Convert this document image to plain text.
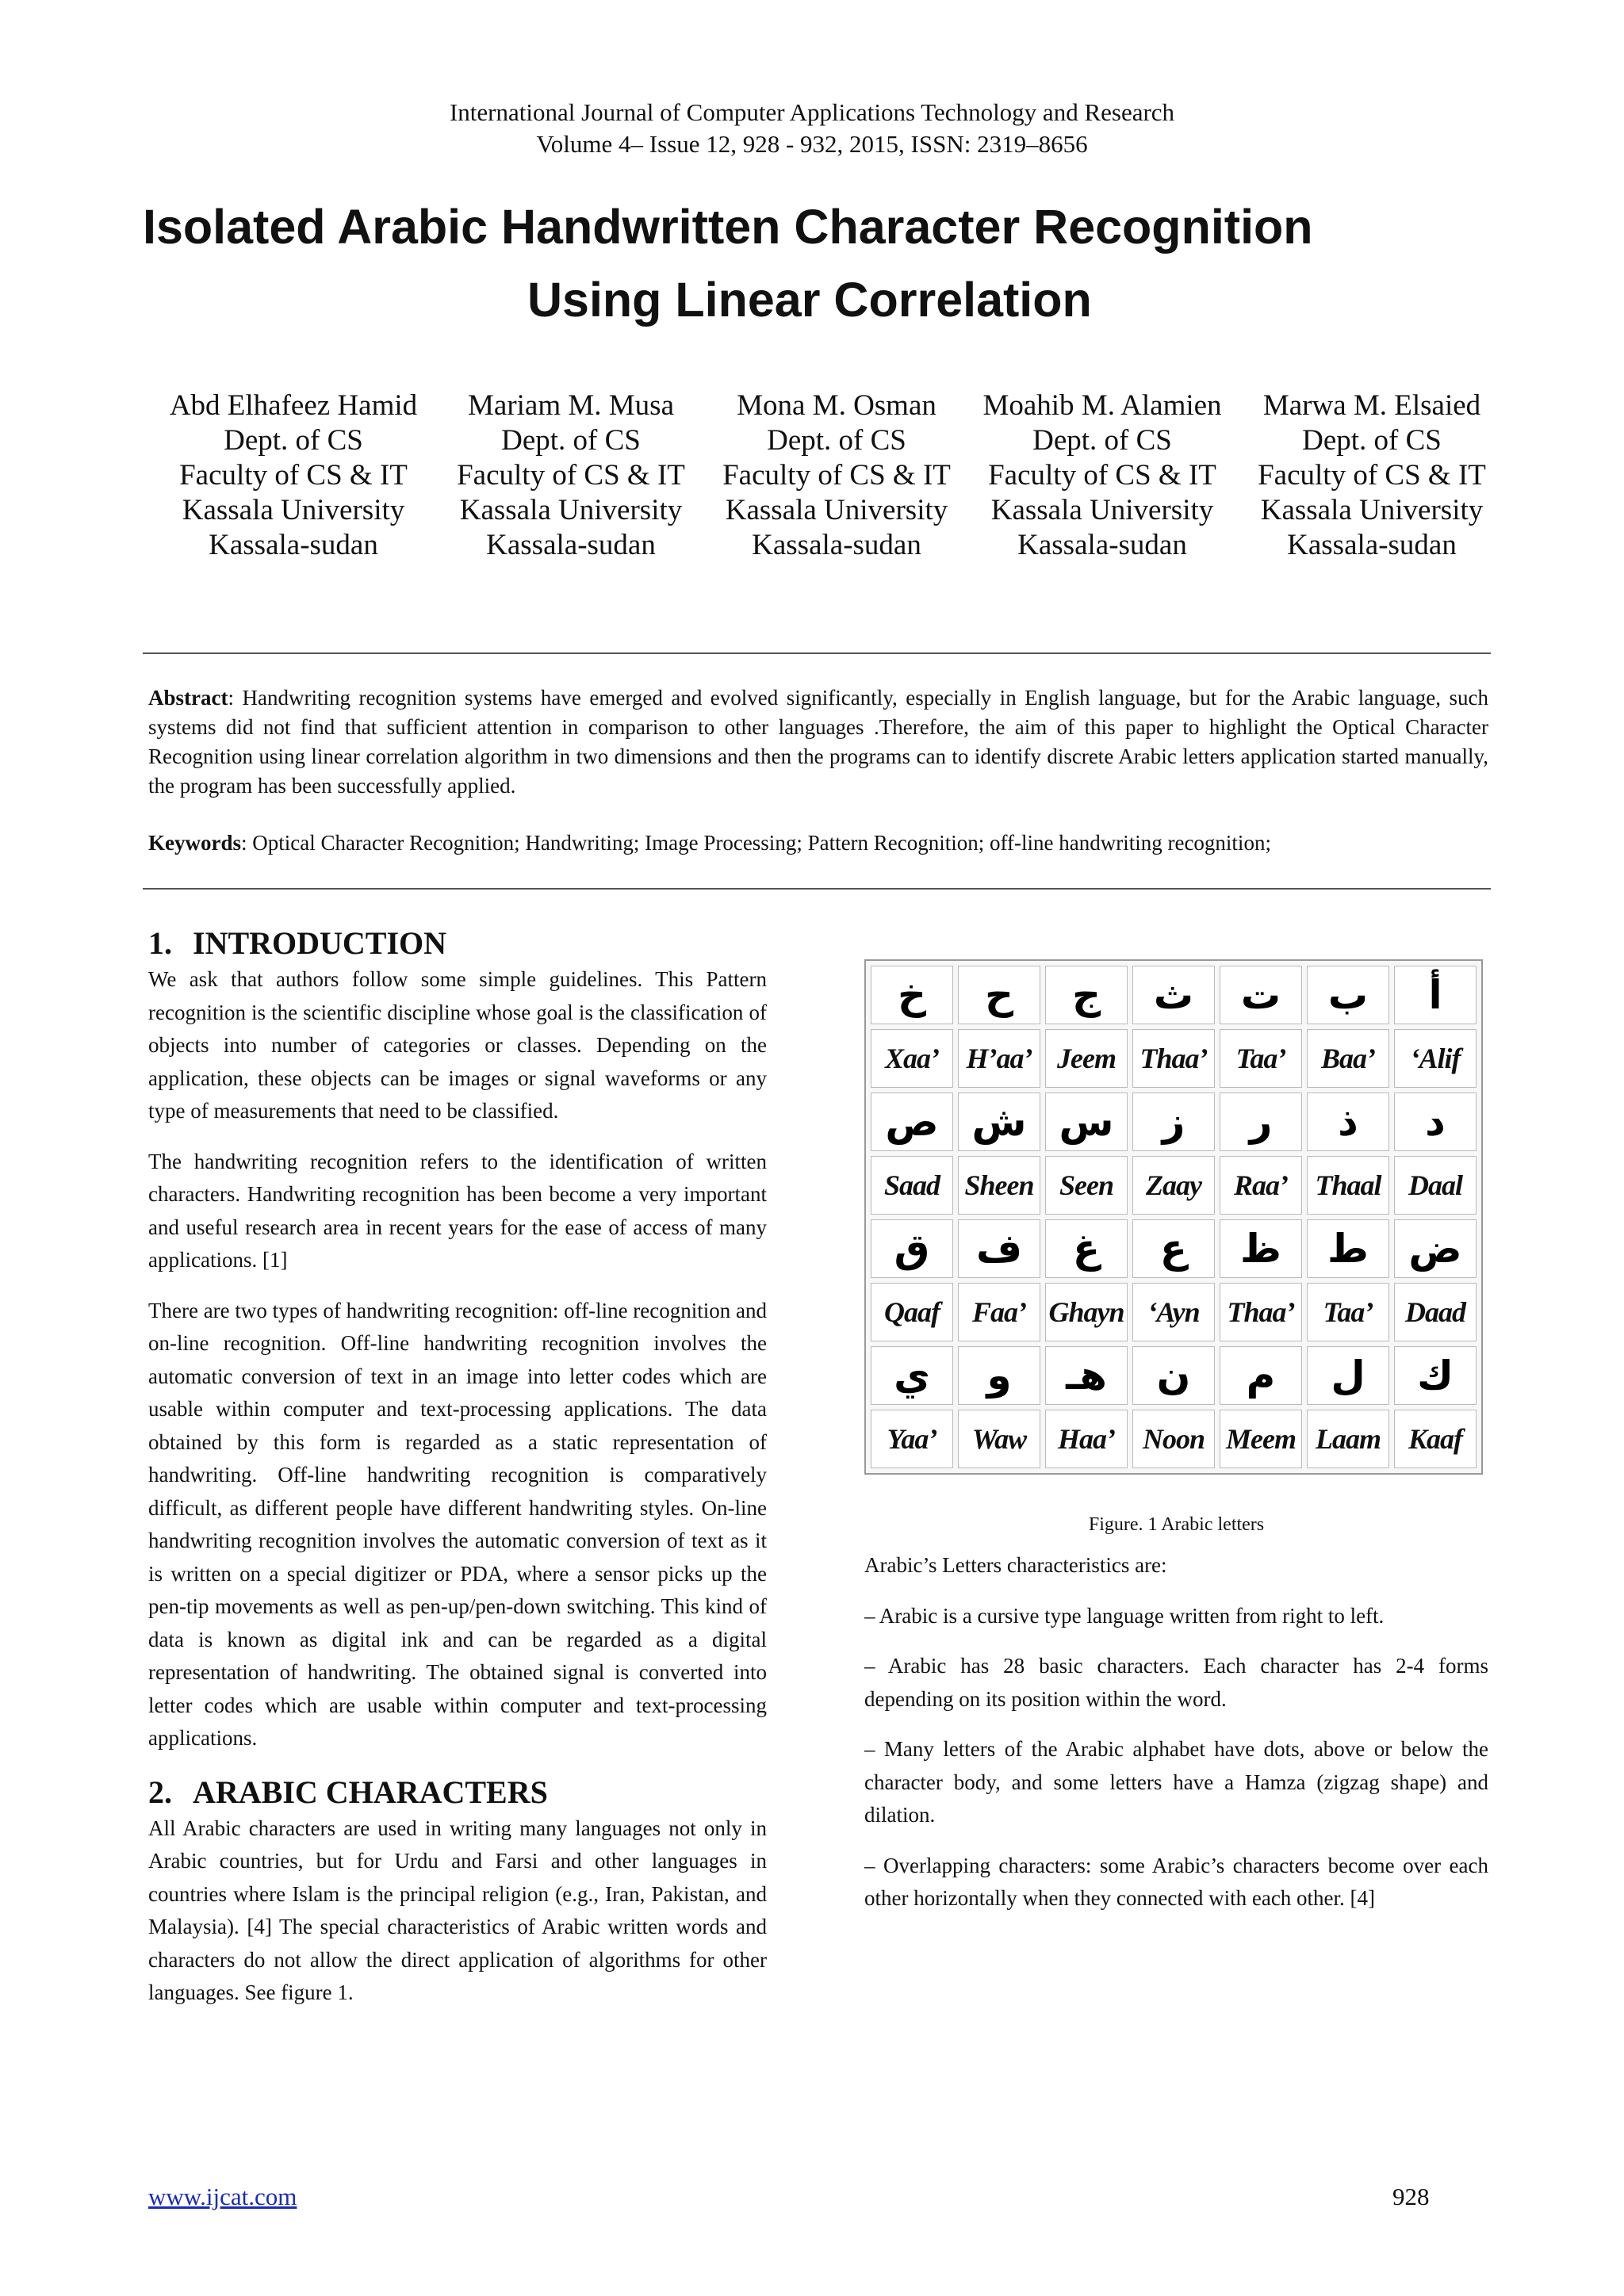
International Journal of Computer Applications Technology and Research
Volume 4– Issue 12, 928 - 932, 2015, ISSN: 2319–8656
Isolated Arabic Handwritten Character Recognition
Using Linear Correlation
Abd Elhafeez Hamid
Dept. of CS
Faculty of CS & IT
Kassala University
Kassala-sudan
Mariam M. Musa
Dept. of CS
Faculty of CS & IT
Kassala University
Kassala-sudan
Mona M. Osman
Dept. of CS
Faculty of CS & IT
Kassala University
Kassala-sudan
Moahib M. Alamien
Dept. of CS
Faculty of CS & IT
Kassala University
Kassala-sudan
Marwa M. Elsaied
Dept. of CS
Faculty of CS & IT
Kassala University
Kassala-sudan
Abstract: Handwriting recognition systems have emerged and evolved significantly, especially in English language, but for the Arabic language, such systems did not find that sufficient attention in comparison to other languages .Therefore, the aim of this paper to highlight the Optical Character Recognition using linear correlation algorithm in two dimensions and then the programs can to identify discrete Arabic letters application started manually, the program has been successfully applied.
Keywords: Optical Character Recognition; Handwriting; Image Processing; Pattern Recognition; off-line handwriting recognition;
1. INTRODUCTION

We ask that authors follow some simple guidelines. This Pattern recognition is the scientific discipline whose goal is the classification of objects into number of categories or classes. Depending on the application, these objects can be images or signal waveforms or any type of measurements that need to be classified.

The handwriting recognition refers to the identification of written characters. Handwriting recognition has been become a very important and useful research area in recent years for the ease of access of many applications. [1]

There are two types of handwriting recognition: off-line recognition and on-line recognition. Off-line handwriting recognition involves the automatic conversion of text in an image into letter codes which are usable within computer and text-processing applications. The data obtained by this form is regarded as a static representation of handwriting. Off-line handwriting recognition is comparatively difficult, as different people have different handwriting styles. On-line handwriting recognition involves the automatic conversion of text as it is written on a special digitizer or PDA, where a sensor picks up the pen-tip movements as well as pen-up/pen-down switching. This kind of data is known as digital ink and can be regarded as a digital representation of handwriting. The obtained signal is converted into letter codes which are usable within computer and text-processing applications.

2. ARABIC CHARACTERS

All Arabic characters are used in writing many languages not only in Arabic countries, but for Urdu and Farsi and other languages in countries where Islam is the principal religion (e.g., Iran, Pakistan, and Malaysia). [4] The special characteristics of Arabic written words and characters do not allow the direct application of algorithms for other languages. See figure 1.

أ
ب
ت
ث
ج
ح
خ
‘Alif
Baa’
Taa’
Thaa’
Jeem
H’aa’
Xaa’
د
ذ
ر
ز
س
ش
ص
Daal
Thaal
Raa’
Zaay
Seen
Sheen
Saad
ض
ط
ظ
ع
غ
ف
ق
Daad
Taa’
Thaa’
‘Ayn
Ghayn
Faa’
Qaaf
ك
ل
م
ن
هـ
و
ي
Kaaf
Laam
Meem
Noon
Haa’
Waw
Yaa’
Figure. 1 Arabic letters

Arabic’s Letters characteristics are:

– Arabic is a cursive type language written from right to left.

– Arabic has 28 basic characters. Each character has 2-4 forms depending on its position within the word.

– Many letters of the Arabic alphabet have dots, above or below the character body, and some letters have a Hamza (zigzag shape) and dilation.

– Overlapping characters: some Arabic’s characters become over each other horizontally when they connected with each other. [4]

www.ijcat.com	928
